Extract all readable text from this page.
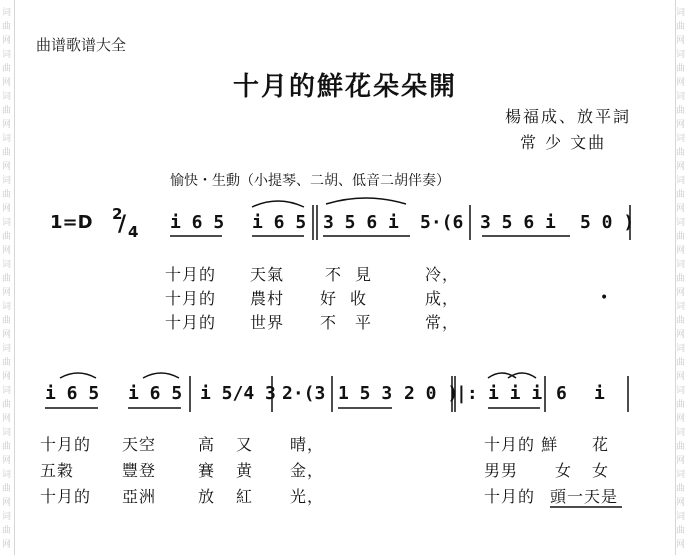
词
曲
网
词
曲
网
词
曲
网
词
曲
网
词
曲
网
词
曲
网
词
曲
网
词
曲
网
词
曲
网
词
曲
网
词
曲
网
词
曲
网
词
曲
网
词
曲
网
词
曲
网
词
曲
网
词
曲
网
词
曲
网
词
曲
网
词
曲
网
词
曲
网
词
曲
网
词
曲
网
词
曲
网
词
曲
网
词
曲
网
曲谱歌谱大全
十月的鮮花朵朵開
楊福成、放平詞
常 少 文曲
愉快・生動（小提琴、二胡、低音二胡伴奏）
1=D 2
/ 4 i 6 5 i 6 5 3 5 6 i 5·(6 3 5 6 i 5 0 )
十月的 天氣	不 見	冷，
十月的 農村 好 收	成，
十月的 世界 不 平	常，
•
i 6 5 i 6 5 i 5/4 3 2·(3 1 5 3 2 0 )
|: i i i 6 i
十月的 天空	高 又 晴，	十月的 鮮 花
五穀	豐登	賽 黄 金，	男男 女 女
十月的 亞洲	放 紅 光，	十月的 頭一天是
